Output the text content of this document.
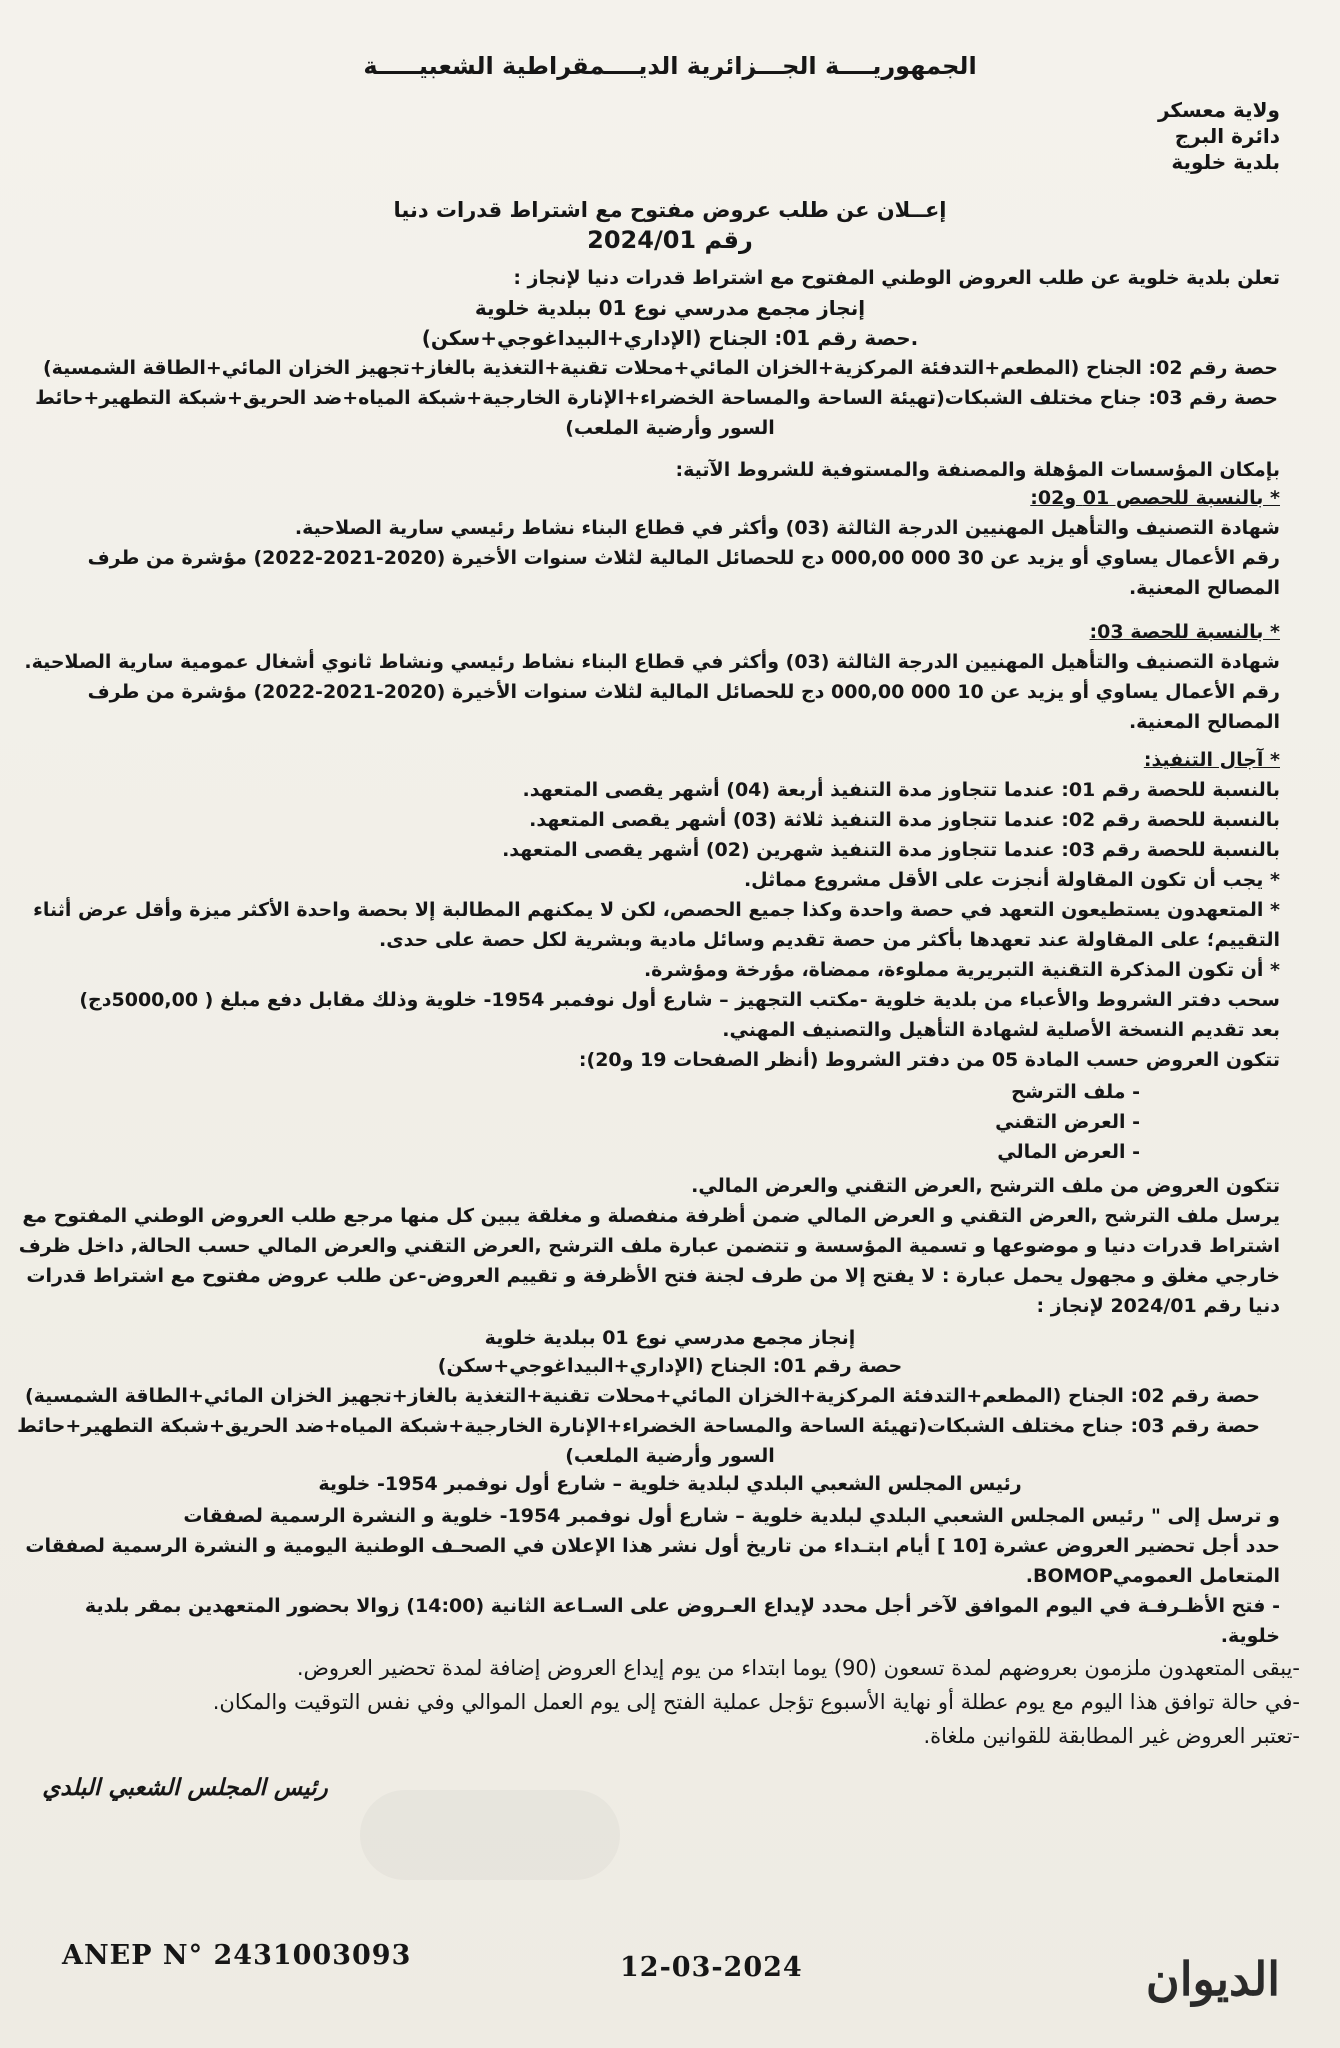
الجمهوريــــة الجـــزائرية الديــــمقراطية الشعبيـــــة
ولاية معسكر
دائرة البرج
بلدية خلوية
إعــلان عن طلب عروض مفتوح مع اشتراط قدرات دنيا
رقم 2024/01
تعلن بلدية خلوية عن طلب العروض الوطني المفتوح مع اشتراط قدرات دنيا لإنجاز :
إنجاز مجمع مدرسي نوع 01 ببلدية خلوية
.حصة رقم 01: الجناح (الإداري+البيداغوجي+سكن)
حصة رقم 02: الجناح (المطعم+التدفئة المركزية+الخزان المائي+محلات تقنية+التغذية بالغاز+تجهيز الخزان المائي+الطاقة الشمسية)
حصة رقم 03: جناح مختلف الشبكات(تهيئة الساحة والمساحة الخضراء+الإنارة الخارجية+شبكة المياه+ضد الحريق+شبكة التطهير+حائط
السور وأرضية الملعب)
بإمكان المؤسسات المؤهلة والمصنفة والمستوفية للشروط الآتية:
* بالنسبة للحصص 01 و02:
شهادة التصنيف والتأهيل المهنيين الدرجة الثالثة (03) وأكثر في قطاع البناء نشاط رئيسي سارية الصلاحية.
رقم الأعمال يساوي أو يزيد عن 30 000 000,00 دج للحصائل المالية لثلاث سنوات الأخيرة (2020-2021-2022) مؤشرة من طرف
المصالح المعنية.
* بالنسبة للحصة 03:
شهادة التصنيف والتأهيل المهنيين الدرجة الثالثة (03) وأكثر في قطاع البناء نشاط رئيسي ونشاط ثانوي أشغال عمومية سارية الصلاحية.
رقم الأعمال يساوي أو يزيد عن 10 000 000,00 دج للحصائل المالية لثلاث سنوات الأخيرة (2020-2021-2022) مؤشرة من طرف
المصالح المعنية.
* آجال التنفيذ:
بالنسبة للحصة رقم 01: عندما تتجاوز مدة التنفيذ أربعة (04) أشهر يقصى المتعهد.
بالنسبة للحصة رقم 02: عندما تتجاوز مدة التنفيذ ثلاثة (03) أشهر يقصى المتعهد.
بالنسبة للحصة رقم 03: عندما تتجاوز مدة التنفيذ شهرين (02) أشهر يقصى المتعهد.
* يجب أن تكون المقاولة أنجزت على الأقل مشروع مماثل.
* المتعهدون يستطيعون التعهد في حصة واحدة وكذا جميع الحصص، لكن لا يمكنهم المطالبة إلا بحصة واحدة الأكثر ميزة وأقل عرض أثناء
التقييم؛ على المقاولة عند تعهدها بأكثر من حصة تقديم وسائل مادية وبشرية لكل حصة على حدى.
* أن تكون المذكرة التقنية التبريرية مملوءة، ممضاة، مؤرخة ومؤشرة.
سحب دفتر الشروط والأعباء من بلدية خلوية -مكتب التجهيز – شارع أول نوفمبر 1954- خلوية وذلك مقابل دفع مبلغ ( 5000,00دج)
بعد تقديم النسخة الأصلية لشهادة التأهيل والتصنيف المهني.
تتكون العروض حسب المادة 05 من دفتر الشروط (أنظر الصفحات 19 و20):
- ملف الترشح
- العرض التقني
- العرض المالي
تتكون العروض من ملف الترشح ,العرض التقني والعرض المالي.
يرسل ملف الترشح ,العرض التقني و العرض المالي ضمن أظرفة منفصلة و مغلقة يبين كل منها مرجع طلب العروض الوطني المفتوح مع
اشتراط قدرات دنيا و موضوعها و تسمية المؤسسة و تتضمن عبارة ملف الترشح ,العرض التقني والعرض المالي حسب الحالة, داخل ظرف
خارجي مغلق و مجهول يحمل عبارة : لا يفتح إلا من طرف لجنة فتح الأظرفة و تقييم العروض-عن طلب عروض مفتوح مع اشتراط قدرات
دنيا رقم 2024/01 لإنجاز :
إنجاز مجمع مدرسي نوع 01 ببلدية خلوية
حصة رقم 01: الجناح (الإداري+البيداغوجي+سكن)
حصة رقم 02: الجناح (المطعم+التدفئة المركزية+الخزان المائي+محلات تقنية+التغذية بالغاز+تجهيز الخزان المائي+الطاقة الشمسية)
حصة رقم 03: جناح مختلف الشبكات(تهيئة الساحة والمساحة الخضراء+الإنارة الخارجية+شبكة المياه+ضد الحريق+شبكة التطهير+حائط
السور وأرضية الملعب)
رئيس المجلس الشعبي البلدي لبلدية خلوية – شارع أول نوفمبر 1954- خلوية
و ترسل إلى " رئيس المجلس الشعبي البلدي لبلدية خلوية – شارع أول نوفمبر 1954- خلوية و النشرة الرسمية لصفقات
حدد أجل تحضير العروض عشرة [10 ] أيام ابتـداء من تاريخ أول نشر هذا الإعلان في الصحـف الوطنية اليومية و النشرة الرسمية لصفقات
المتعامل العموميBOMOP.
- فتح الأظـرفـة في اليوم الموافق لآخر أجل محدد لإيداع العـروض على السـاعة الثانية (14:00) زوالا بحضور المتعهدين بمقر بلدية
خلوية.
-يبقى المتعهدون ملزمون بعروضهم لمدة تسعون (90) يوما ابتداء من يوم إيداع العروض إضافة لمدة تحضير العروض.
-في حالة توافق هذا اليوم مع يوم عطلة أو نهاية الأسبوع تؤجل عملية الفتح إلى يوم العمل الموالي وفي نفس التوقيت والمكان.
-تعتبر العروض غير المطابقة للقوانين ملغاة.
رئيس المجلس الشعبي البلدي
ANEP N° 2431003093	12-03-2024	الديوان
